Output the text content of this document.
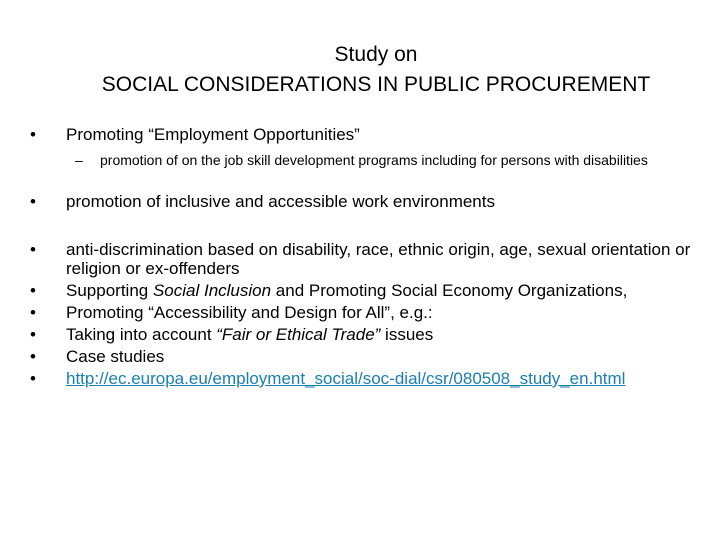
Study on
SOCIAL CONSIDERATIONS IN PUBLIC PROCUREMENT
•	Promoting “Employment Opportunities”
–	promotion of on the job skill development programs including for persons with disabilities
•	promotion of inclusive and accessible work environments
•	anti-discrimination based on disability, race, ethnic origin, age, sexual orientation or religion or ex-offenders
•	Supporting Social Inclusion and Promoting Social Economy Organizations,
•	Promoting “Accessibility and Design for All”, e.g.:
•	Taking into account “Fair or Ethical Trade” issues
•	Case studies
•	http://ec.europa.eu/employment_social/soc-dial/csr/080508_study_en.html
